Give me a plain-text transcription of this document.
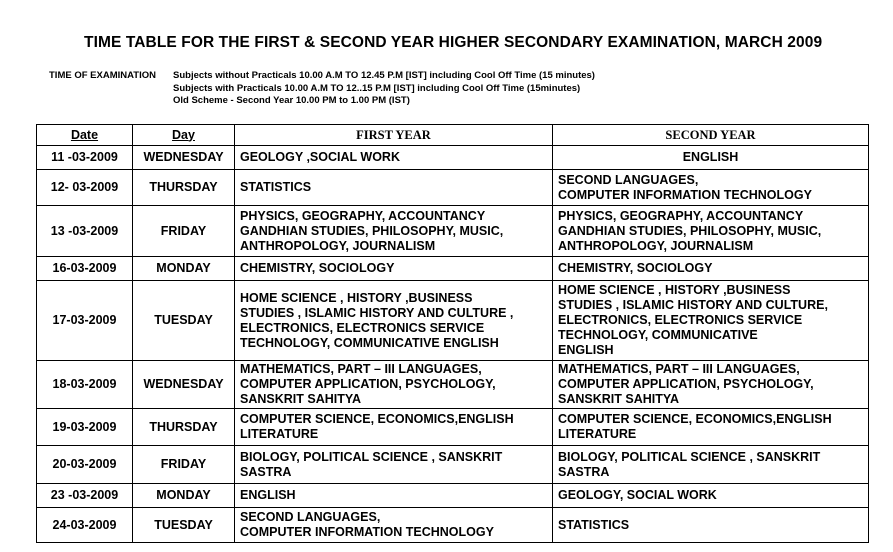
TIME TABLE FOR THE FIRST & SECOND YEAR HIGHER SECONDARY EXAMINATION, MARCH 2009
TIME OF EXAMINATION Subjects without Practicals 10.00 A.M TO 12.45 P.M [IST] including Cool Off Time (15 minutes)
Subjects with Practicals 10.00 A.M TO 12..15 P.M [IST] including Cool Off Time (15minutes)
Old Scheme - Second Year 10.00 PM to 1.00 PM (IST)
Date	Day	FIRST YEAR	SECOND YEAR
11 -03-2009	WEDNESDAY	GEOLOGY ,SOCIAL WORK	ENGLISH
12- 03-2009	THURSDAY	STATISTICS	SECOND LANGUAGES,
COMPUTER INFORMATION TECHNOLOGY
13 -03-2009	FRIDAY	PHYSICS, GEOGRAPHY, ACCOUNTANCY
GANDHIAN STUDIES, PHILOSOPHY, MUSIC,
ANTHROPOLOGY, JOURNALISM	PHYSICS, GEOGRAPHY, ACCOUNTANCY
GANDHIAN STUDIES, PHILOSOPHY, MUSIC,
ANTHROPOLOGY, JOURNALISM
16-03-2009	MONDAY	CHEMISTRY, SOCIOLOGY	CHEMISTRY, SOCIOLOGY
17-03-2009	TUESDAY	HOME SCIENCE , HISTORY ,BUSINESS
STUDIES , ISLAMIC HISTORY AND CULTURE ,
ELECTRONICS, ELECTRONICS SERVICE
TECHNOLOGY, COMMUNICATIVE ENGLISH	HOME SCIENCE , HISTORY ,BUSINESS
STUDIES , ISLAMIC HISTORY AND CULTURE,
ELECTRONICS, ELECTRONICS SERVICE
TECHNOLOGY, COMMUNICATIVE
ENGLISH
18-03-2009	WEDNESDAY	MATHEMATICS, PART – III LANGUAGES,
COMPUTER APPLICATION, PSYCHOLOGY,
SANSKRIT SAHITYA	MATHEMATICS, PART – III LANGUAGES,
COMPUTER APPLICATION, PSYCHOLOGY,
SANSKRIT SAHITYA
19-03-2009	THURSDAY	COMPUTER SCIENCE, ECONOMICS,ENGLISH
LITERATURE	COMPUTER SCIENCE, ECONOMICS,ENGLISH
LITERATURE
20-03-2009	FRIDAY	BIOLOGY, POLITICAL SCIENCE , SANSKRIT
SASTRA	BIOLOGY, POLITICAL SCIENCE , SANSKRIT
SASTRA
23 -03-2009	MONDAY	ENGLISH	GEOLOGY, SOCIAL WORK
24-03-2009	TUESDAY	SECOND LANGUAGES,
COMPUTER INFORMATION TECHNOLOGY	STATISTICS
